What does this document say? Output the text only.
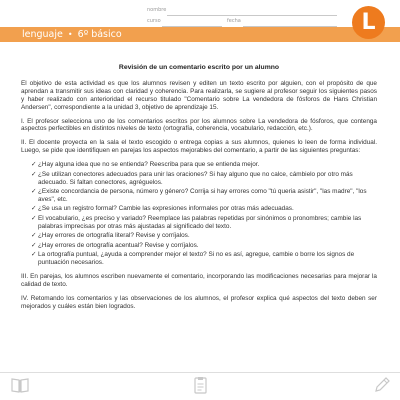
nombre
curso	fecha
lenguaje • 6º básico	L
Revisión de un comentario escrito por un alumno

El objetivo de esta actividad es que los alumnos revisen y editen un texto escrito por alguien, con el propósito de que aprendan a transmitir sus ideas con claridad y coherencia. Para realizarla, se sugiere al profesor seguir los siguientes pasos y haber realizado con anterioridad el recurso titulado "Comentario sobre La vendedora de fósforos de Hans Christian Andersen", correspondiente a la unidad 3, objetivo de aprendizaje 15.

I. El profesor selecciona uno de los comentarios escritos por los alumnos sobre La vendedora de fósforos, que contenga aspectos perfectibles en distintos niveles de texto (ortografía, coherencia, vocabulario, redacción, etc.).

II. El docente proyecta en la sala el texto escogido o entrega copias a sus alumnos, quienes lo leen de forma individual. Luego, se pide que identifiquen en parejas los aspectos mejorables del comentario, a partir de las siguientes preguntas:

✓ ¿Hay alguna idea que no se entienda? Reescriba para que se entienda mejor.
✓ ¿Se utilizan conectores adecuados para unir las oraciones? Si hay alguno que no calce, cámbielo por otro más adecuado. Si faltan conectores, agréguelos.
✓ ¿Existe concordancia de persona, número y género? Corrija si hay errores como "tú queria asistir", "las madre", "los aves", etc.
✓ ¿Se usa un registro formal? Cambie las expresiones informales por otras más adecuadas.
✓ El vocabulario, ¿es preciso y variado? Reemplace las palabras repetidas por sinónimos o pronombres; cambie las palabras imprecisas por otras más ajustadas al significado del texto.
✓ ¿Hay errores de ortografía literal? Revise y corríjalos.
✓ ¿Hay errores de ortografía acentual? Revise y corríjalos.
✓ La ortografía puntual, ¿ayuda a comprender mejor el texto? Si no es así, agregue, cambie o borre los signos de puntuación necesarios.

III. En parejas, los alumnos escriben nuevamente el comentario, incorporando las modificaciones necesarias para mejorar la calidad de texto.

IV. Retomando los comentarios y las observaciones de los alumnos, el profesor explica qué aspectos del texto deben ser mejorados y cuáles están bien logrados.
